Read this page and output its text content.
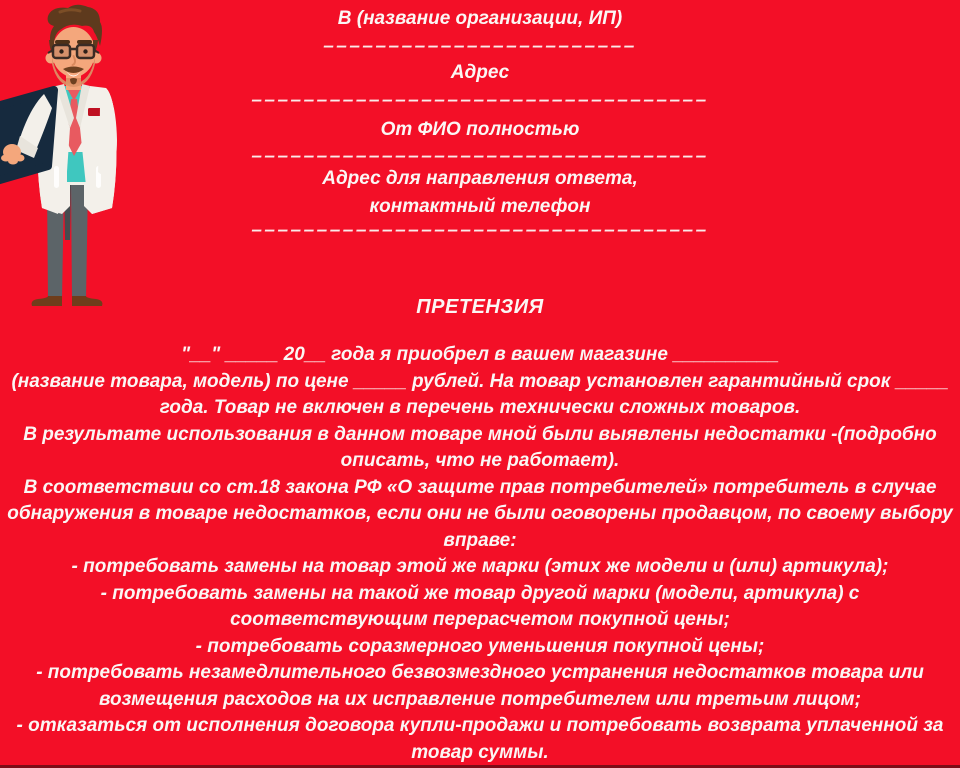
В (название организации, ИП)
––––––––––––––––––––––––
Адрес
–––––––––––––––––––––––––––––––––––
От ФИО полностью
–––––––––––––––––––––––––––––––––––
Адрес для направления ответа,
контактный телефон
–––––––––––––––––––––––––––––––––––
ПРЕТЕНЗИЯ
"__" _____ 20__ года я приобрел в вашем магазине __________
(название товара, модель) по цене _____ рублей. На товар установлен гарантийный срок _____
года. Товар не включен в перечень технически сложных товаров.
В результате использования в данном товаре мной были выявлены недостатки -(подробно
описать, что не работает).
В соответствии со ст.18 закона РФ «О защите прав потребителей» потребитель в случае
обнаружения в товаре недостатков, если они не были оговорены продавцом, по своему выбору
вправе:
- потребовать замены на товар этой же марки (этих же модели и (или) артикула);
- потребовать замены на такой же товар другой марки (модели, артикула) с
соответствующим перерасчетом покупной цены;
- потребовать соразмерного уменьшения покупной цены;
- потребовать незамедлительного безвозмездного устранения недостатков товара или
возмещения расходов на их исправление потребителем или третьим лицом;
- отказаться от исполнения договора купли-продажи и потребовать возврата уплаченной за
товар суммы.
